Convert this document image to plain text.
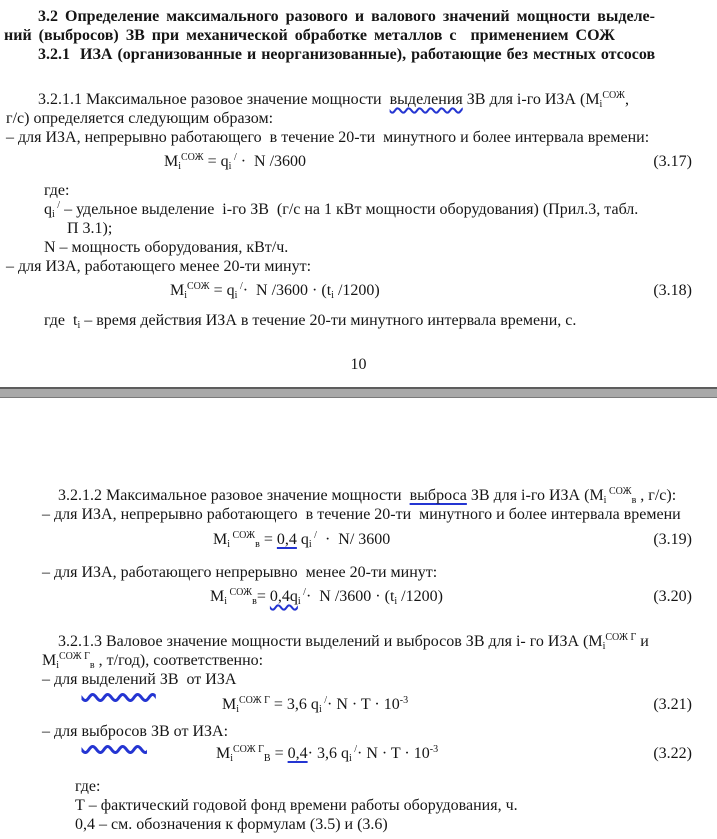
3.2 Определение максимального разового и валового значений мощности выделе-
ний (выбросов) ЗВ при механической обработке металлов с  применением СОЖ
3.2.1  ИЗА (организованные и неорганизованные), работающие без местных отсосов
3.2.1.1 Максимальное разовое значение мощности  выделения ЗВ для i-го ИЗА ($M_i^{СОЖ}$,
г/с) определяется следующим образом:
– для ИЗА, непрерывно работающего  в течение 20-ти  минутного и более интервала времени:
$M_i^{СОЖ} = q_i$ / ·  N /3600	(3.17)
где:
$q_i$ / – удельное выделение  i-го ЗВ  (г/с на 1 кВт мощности оборудования) (Прил.3, табл.
П 3.1);
N – мощность оборудования, кВт/ч.
– для ИЗА, работающего менее 20-ти минут:
$M_i^{СОЖ} = q_i$ /·  N $/3600 \cdot (t_i$ /1200)	(3.18)
где  $t_i$ – время действия ИЗА в течение 20-ти минутного интервала времени, с.
10
3.2.1.2 Максимальное разовое значение мощности  выброса ЗВ для i-го ИЗА ($M_i$ $^{СОЖ}_в$ , г/с):
– для ИЗА, непрерывно работающего  в течение 20-ти  минутного и более интервала времени
$M_i$ $^{СОЖ}_в$ = 0,4 $q_i$ /  ·  N/ 3600	(3.19)
– для ИЗА, работающего непрерывно  менее 20-ти минут:
$M_i$ $^{СОЖ}_в= 0,4q_i$ /·  N $/3600 \cdot (t_i$ /1200)	(3.20)
3.2.1.3 Валовое значение мощности выделений и выбросов ЗВ для i- го ИЗА ($M_i^{СОЖ Г}$ и
$M_i^{СОЖ Г}_в$ , т/год), соответственно:
– для выделений ЗВ  от ИЗА
$M_i^{СОЖ Г} = 3,6$ $q_i$ $^/\cdot N \cdot T \cdot 10^{-3}$	(3.21)
– для выбросов ЗВ от ИЗА:
$M_i^{СОЖ Г}_В = 0,4\cdot 3,6$ $q_i$ $^/\cdot N \cdot T \cdot 10^{-3}$	(3.22)
где:
Т – фактический годовой фонд времени работы оборудования, ч.
0,4 – см. обозначения к формулам (3.5) и (3.6)
